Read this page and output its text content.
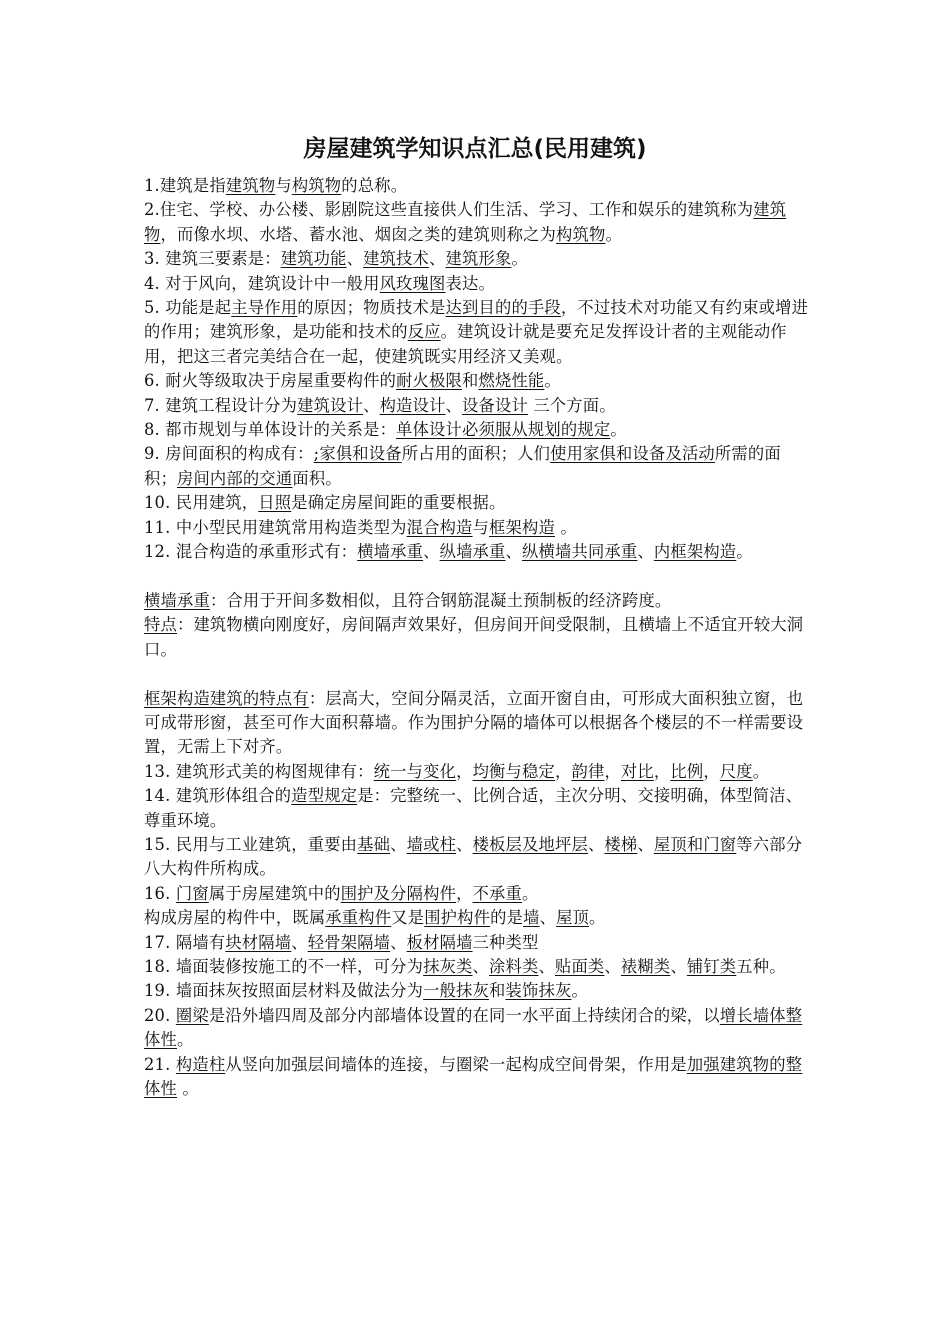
房屋建筑学知识点汇总(民用建筑)

1.建筑是指建筑物与构筑物的总称。

2.住宅、学校、办公楼、影剧院这些直接供人们生活、学习、工作和娱乐的建筑称为建筑物，而像水坝、水塔、蓄水池、烟囱之类的建筑则称之为构筑物。

3. 建筑三要素是：建筑功能、建筑技术、建筑形象。

4. 对于风向，建筑设计中一般用风玫瑰图表达。

5. 功能是起主导作用的原因；物质技术是达到目的的手段，不过技术对功能又有约束或增进的作用；建筑形象，是功能和技术的反应。建筑设计就是要充足发挥设计者的主观能动作用，把这三者完美结合在一起，使建筑既实用经济又美观。

6. 耐火等级取决于房屋重要构件的耐火极限和燃烧性能。

7. 建筑工程设计分为建筑设计、构造设计、设备设计 三个方面。

8. 都市规划与单体设计的关系是：单体设计必须服从规划的规定。

9. 房间面积的构成有：;家俱和设备所占用的面积；人们使用家俱和设备及活动所需的面积；房间内部的交通面积。

10. 民用建筑，日照是确定房屋间距的重要根据。

11. 中小型民用建筑常用构造类型为混合构造与框架构造 。

12. 混合构造的承重形式有：横墙承重、纵墙承重、纵横墙共同承重、内框架构造。

横墙承重：合用于开间多数相似，且符合钢筋混凝土预制板的经济跨度。

特点：建筑物横向刚度好，房间隔声效果好，但房间开间受限制，且横墙上不适宜开较大洞口。

框架构造建筑的特点有：层高大，空间分隔灵活，立面开窗自由，可形成大面积独立窗，也可成带形窗，甚至可作大面积幕墙。作为围护分隔的墙体可以根据各个楼层的不一样需要设置，无需上下对齐。

13. 建筑形式美的构图规律有：统一与变化，均衡与稳定，韵律，对比，比例，尺度。

14. 建筑形体组合的造型规定是：完整统一、比例合适，主次分明、交接明确，体型简洁、尊重环境。

15. 民用与工业建筑，重要由基础、墙或柱、楼板层及地坪层、楼梯、屋顶和门窗等六部分八大构件所构成。

16. 门窗属于房屋建筑中的围护及分隔构件，不承重。

构成房屋的构件中，既属承重构件又是围护构件的是墙、屋顶。

17. 隔墙有块材隔墙、轻骨架隔墙、板材隔墙三种类型

18. 墙面装修按施工的不一样，可分为抹灰类、涂料类、贴面类、裱糊类、铺钉类五种。

19. 墙面抹灰按照面层材料及做法分为一般抹灰和装饰抹灰。

20. 圈梁是沿外墙四周及部分内部墙体设置的在同一水平面上持续闭合的梁，以增长墙体整体性。

21. 构造柱从竖向加强层间墙体的连接，与圈梁一起构成空间骨架，作用是加强建筑物的整体性 。
